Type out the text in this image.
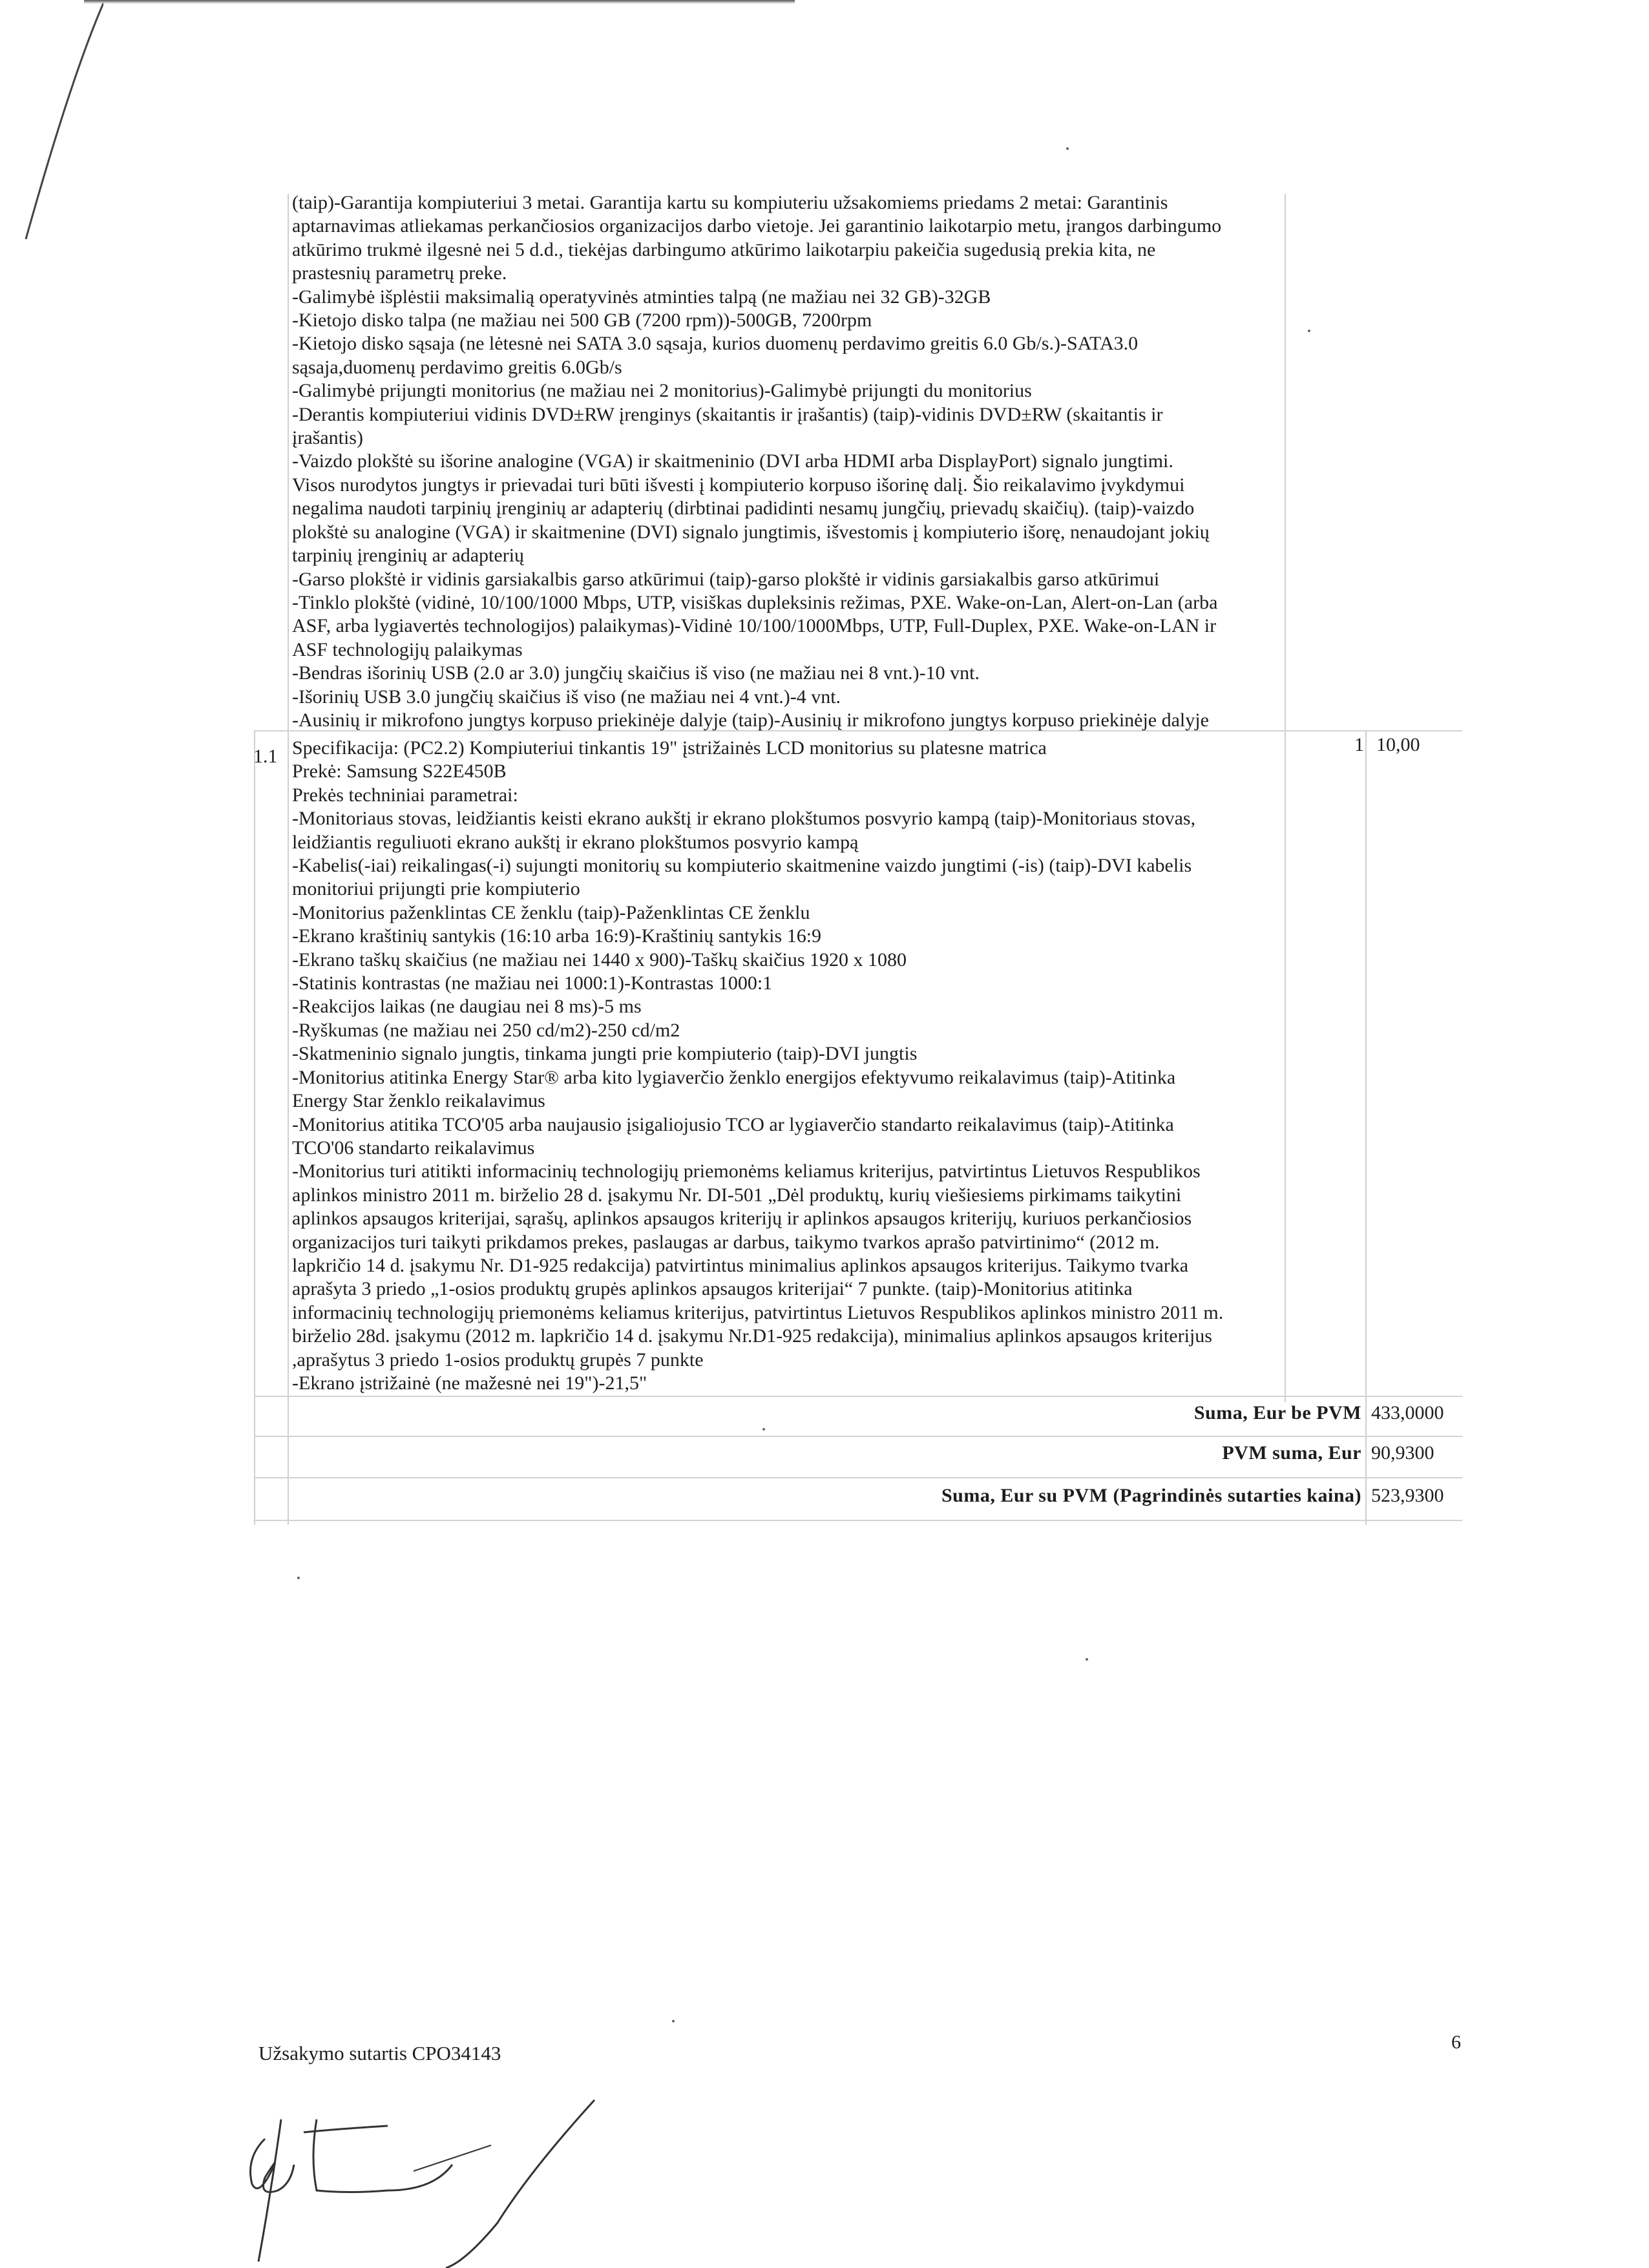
(taip)-Garantija kompiuteriui 3 metai. Garantija kartu su kompiuteriu užsakomiems priedams 2 metai: Garantinis

aptarnavimas atliekamas perkančiosios organizacijos darbo vietoje. Jei garantinio laikotarpio metu, įrangos darbingumo

atkūrimo trukmė ilgesnė nei 5 d.d., tiekėjas darbingumo atkūrimo laikotarpiu pakeičia sugedusią prekia kita, ne

prastesnių parametrų preke.

-Galimybė išplėstii maksimalią operatyvinės atminties talpą (ne mažiau nei 32 GB)-32GB

-Kietojo disko talpa (ne mažiau nei 500 GB (7200 rpm))-500GB, 7200rpm

-Kietojo disko sąsaja (ne lėtesnė nei SATA 3.0 sąsaja, kurios duomenų perdavimo greitis 6.0 Gb/s.)-SATA3.0

sąsaja,duomenų perdavimo greitis 6.0Gb/s

-Galimybė prijungti monitorius (ne mažiau nei 2 monitorius)-Galimybė prijungti du monitorius

-Derantis kompiuteriui vidinis DVD±RW įrenginys (skaitantis ir įrašantis) (taip)-vidinis DVD±RW (skaitantis ir

įrašantis)

-Vaizdo plokštė su išorine analogine (VGA) ir skaitmeninio (DVI arba HDMI arba DisplayPort) signalo jungtimi.

Visos nurodytos jungtys ir prievadai turi būti išvesti į kompiuterio korpuso išorinę dalį. Šio reikalavimo įvykdymui

negalima naudoti tarpinių įrenginių ar adapterių (dirbtinai padidinti nesamų jungčių, prievadų skaičių). (taip)-vaizdo

plokštė su analogine (VGA) ir skaitmenine (DVI) signalo jungtimis, išvestomis į kompiuterio išorę, nenaudojant jokių

tarpinių įrenginių ar adapterių

-Garso plokštė ir vidinis garsiakalbis garso atkūrimui (taip)-garso plokštė ir vidinis garsiakalbis garso atkūrimui

-Tinklo plokštė (vidinė, 10/100/1000 Mbps, UTP, visiškas dupleksinis režimas, PXE. Wake-on-Lan, Alert-on-Lan (arba

ASF, arba lygiavertės technologijos) palaikymas)-Vidinė 10/100/1000Mbps, UTP, Full-Duplex, PXE. Wake-on-LAN ir

ASF technologijų palaikymas

-Bendras išorinių USB (2.0 ar 3.0) jungčių skaičius iš viso (ne mažiau nei 8 vnt.)-10 vnt.

-Išorinių USB 3.0 jungčių skaičius iš viso (ne mažiau nei 4 vnt.)-4 vnt.

-Ausinių ir mikrofono jungtys korpuso priekinėje dalyje (taip)-Ausinių ir mikrofono jungtys korpuso priekinėje dalyje

1.1
1 10,00

Specifikacija: (PC2.2) Kompiuteriui tinkantis 19" įstrižainės LCD monitorius su platesne matrica

Prekė: Samsung S22E450B

Prekės techniniai parametrai:

-Monitoriaus stovas, leidžiantis keisti ekrano aukštį ir ekrano plokštumos posvyrio kampą (taip)-Monitoriaus stovas,

leidžiantis reguliuoti ekrano aukštį ir ekrano plokštumos posvyrio kampą

-Kabelis(-iai) reikalingas(-i) sujungti monitorių su kompiuterio skaitmenine vaizdo jungtimi (-is) (taip)-DVI kabelis

monitoriui prijungti prie kompiuterio

-Monitorius paženklintas CE ženklu (taip)-Paženklintas CE ženklu

-Ekrano kraštinių santykis (16:10 arba 16:9)-Kraštinių santykis 16:9

-Ekrano taškų skaičius (ne mažiau nei 1440 x 900)-Taškų skaičius 1920 x 1080

-Statinis kontrastas (ne mažiau nei 1000:1)-Kontrastas 1000:1

-Reakcijos laikas (ne daugiau nei 8 ms)-5 ms

-Ryškumas (ne mažiau nei 250 cd/m2)-250 cd/m2

-Skatmeninio signalo jungtis, tinkama jungti prie kompiuterio (taip)-DVI jungtis

-Monitorius atitinka Energy Star® arba kito lygiaverčio ženklo energijos efektyvumo reikalavimus (taip)-Atitinka

Energy Star ženklo reikalavimus

-Monitorius atitika TCO'05 arba naujausio įsigaliojusio TCO ar lygiaverčio standarto reikalavimus (taip)-Atitinka

TCO'06 standarto reikalavimus

-Monitorius turi atitikti informacinių technologijų priemonėms keliamus kriterijus, patvirtintus Lietuvos Respublikos

aplinkos ministro 2011 m. birželio 28 d. įsakymu Nr. DI-501 „Dėl produktų, kurių viešiesiems pirkimams taikytini

aplinkos apsaugos kriterijai, sąrašų, aplinkos apsaugos kriterijų ir aplinkos apsaugos kriterijų, kuriuos perkančiosios

organizacijos turi taikyti prikdamos prekes, paslaugas ar darbus, taikymo tvarkos aprašo patvirtinimo“ (2012 m.

lapkričio 14 d. įsakymu Nr. D1-925 redakcija) patvirtintus minimalius aplinkos apsaugos kriterijus. Taikymo tvarka

aprašyta 3 priedo „1-osios produktų grupės aplinkos apsaugos kriterijai“ 7 punkte. (taip)-Monitorius atitinka

informacinių technologijų priemonėms keliamus kriterijus, patvirtintus Lietuvos Respublikos aplinkos ministro 2011 m.

birželio 28d. įsakymu (2012 m. lapkričio 14 d. įsakymu Nr.D1-925 redakcija), minimalius aplinkos apsaugos kriterijus

,aprašytus 3 priedo 1-osios produktų grupės 7 punkte

-Ekrano įstrižainė (ne mažesnė nei 19")-21,5"

Suma, Eur be PVM 433,0000
PVM suma, Eur 90,9300
Suma, Eur su PVM (Pagrindinės sutarties kaina) 523,9300
Užsakymo sutartis CPO34143	6
